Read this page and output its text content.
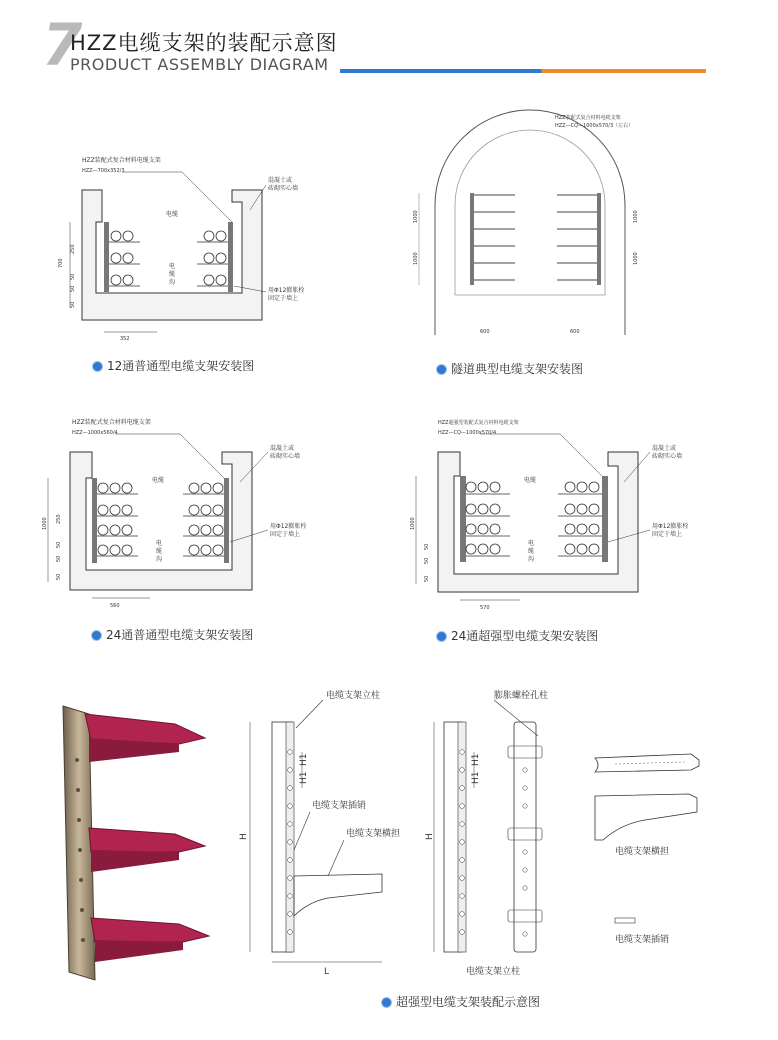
7
HZZ电缆支架的装配示意图
PRODUCT ASSEMBLY DIAGRAM
HZZ装配式复合材料电缆支架
HZZ—700x352/3
电缆
电
缆
沟
混凝土或
砖砌实心墙
用Φ12膨胀栓
固定于墙上
700
250
50
50
50
352
12通普通型电缆支架安装图
HZZ装配式复合材料电缆支架
HZZ—CQ—1000x570/3（左右）
1000
1000
1000
1000
600	600
隧道典型电缆支架安装图
HZZ装配式复合材料电缆支架
HZZ—1000x560/4
电缆
电
缆
沟
混凝土或
砖砌实心墙
用Φ12膨胀栓
固定于墙上
1000 250
50
50
50
560
24通普通型电缆支架安装图
HZZ超强型装配式复合材料电缆支架
HZZ—CQ—1000x570/4
电缆
电
缆
沟
混凝土或
砖砌实心墙
用Φ12膨胀栓
固定于墙上
1000
50
50
50
570
24通超强型电缆支架安装图
电缆支架立柱
H1
H1
H
电缆支架插销
电缆支架横担
L
膨胀螺栓孔柱
H1
H1
H
电缆支架立柱
电缆支架横担
电缆支架插销
超强型电缆支架装配示意图
